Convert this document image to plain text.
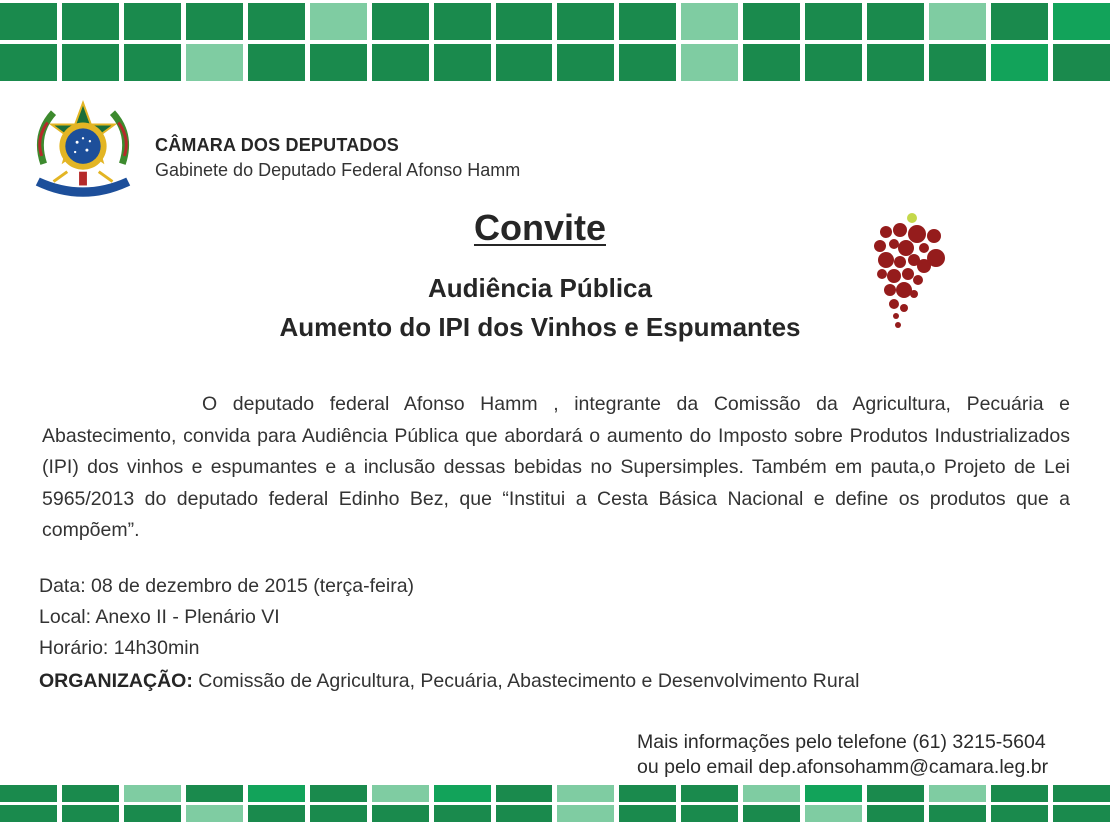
CÂMARA DOS DEPUTADOS
Gabinete do Deputado Federal Afonso Hamm
Convite
Audiência Pública
Aumento do IPI dos Vinhos e Espumantes
O deputado federal Afonso Hamm , integrante da Comissão da Agricultura, Pecuária e Abastecimento, convida para Audiência Pública que abordará o aumento do Imposto sobre Produtos Industrializados (IPI) dos vinhos e espumantes e a inclusão dessas bebidas no Supersimples. Também em pauta,o Projeto de Lei 5965/2013 do deputado federal Edinho Bez, que “Institui a Cesta Básica Nacional e define os produtos que a compõem”.
Data: 08 de dezembro de 2015 (terça-feira)
Local: Anexo II - Plenário VI
Horário: 14h30min
ORGANIZAÇÃO: Comissão de Agricultura, Pecuária, Abastecimento e Desenvolvimento Rural
Mais informações pelo telefone (61) 3215-5604
ou pelo email dep.afonsohamm@camara.leg.br
